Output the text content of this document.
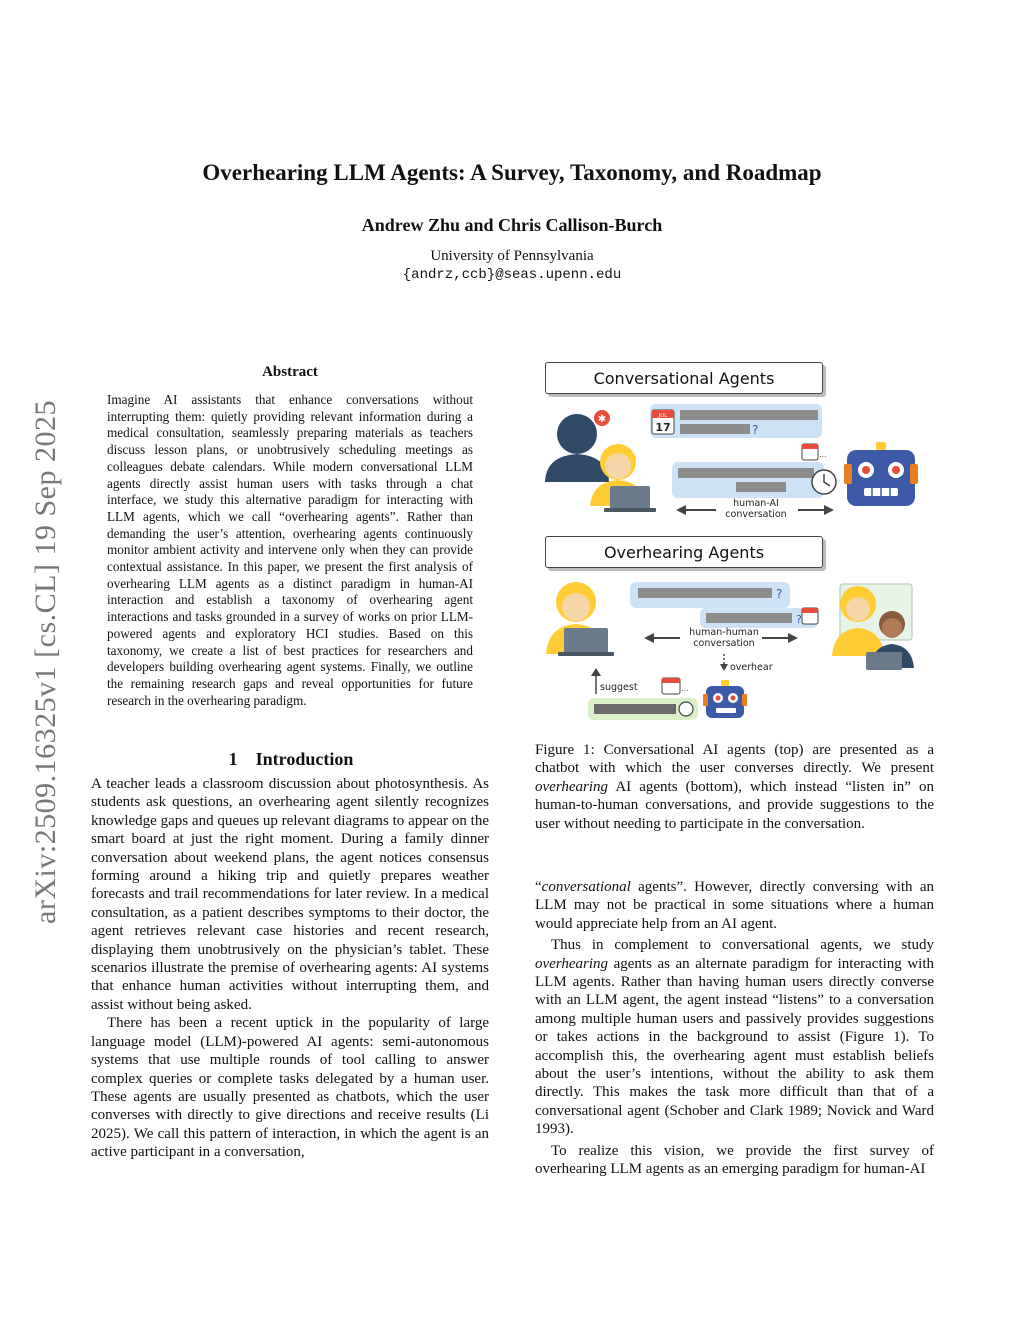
arXiv:2509.16325v1 [cs.CL] 19 Sep 2025
Overhearing LLM Agents: A Survey, Taxonomy, and Roadmap
Andrew Zhu and Chris Callison-Burch
University of Pennsylvania
{andrz,ccb}@seas.upenn.edu
Abstract
Imagine AI assistants that enhance conversations without interrupting them: quietly providing relevant information during a medical consultation, seamlessly preparing materials as teachers discuss lesson plans, or unobtrusively scheduling meetings as colleagues debate calendars. While modern conversational LLM agents directly assist human users with tasks through a chat interface, we study this alternative paradigm for interacting with LLM agents, which we call “overhearing agents”. Rather than demanding the user’s attention, overhearing agents continuously monitor ambient activity and intervene only when they can provide contextual assistance. In this paper, we present the first analysis of overhearing LLM agents as a distinct paradigm in human-AI interaction and establish a taxonomy of overhearing agent interactions and tasks grounded in a survey of works on prior LLM-powered agents and exploratory HCI studies. Based on this taxonomy, we create a list of best practices for researchers and developers building overhearing agent systems. Finally, we outline the remaining research gaps and reveal opportunities for future research in the overhearing paradigm.
1 Introduction

A teacher leads a classroom discussion about photosynthesis. As students ask questions, an overhearing agent silently recognizes knowledge gaps and queues up relevant diagrams to appear on the smart board at just the right moment. During a family dinner conversation about weekend plans, the agent notices consensus forming around a hiking trip and quietly prepares weather forecasts and trail recommendations for later review. In a medical consultation, as a patient describes symptoms to their doctor, the agent retrieves relevant case histories and recent research, displaying them unobtrusively on the physician’s tablet. These scenarios illustrate the premise of overhearing agents: AI systems that enhance human activities without interrupting them, and assist without being asked.

There has been a recent uptick in the popularity of large language model (LLM)-powered AI agents: semi-autonomous systems that use multiple rounds of tool calling to answer complex queries or complete tasks delegated by a human user. These agents are usually presented as chatbots, which the user converses with directly to give directions and receive results (Li 2025). We call this pattern of interaction, in which the agent is an active participant in a conversation,

Conversational Agents
Overhearing Agents
✱
?
JUL
17
...
?
?
...
human-AI conversation
human-human conversation
overhear
suggest
Figure 1: Conversational AI agents (top) are presented as a chatbot with which the user converses directly. We present overhearing AI agents (bottom), which instead “listen in” on human-to-human conversations, and provide suggestions to the user without needing to participate in the conversation.

“conversational agents”. However, directly conversing with an LLM may not be practical in some situations where a human would appreciate help from an AI agent.

Thus in complement to conversational agents, we study overhearing agents as an alternate paradigm for interacting with LLM agents. Rather than having human users directly converse with an LLM agent, the agent instead “listens” to a conversation among multiple human users and passively provides suggestions or takes actions in the background to assist (Figure 1). To accomplish this, the overhearing agent must establish beliefs about the user’s intentions, without the ability to ask them directly. This makes the task more difficult than that of a conversational agent (Schober and Clark 1989; Novick and Ward 1993).

To realize this vision, we provide the first survey of overhearing LLM agents as an emerging paradigm for human-AI
